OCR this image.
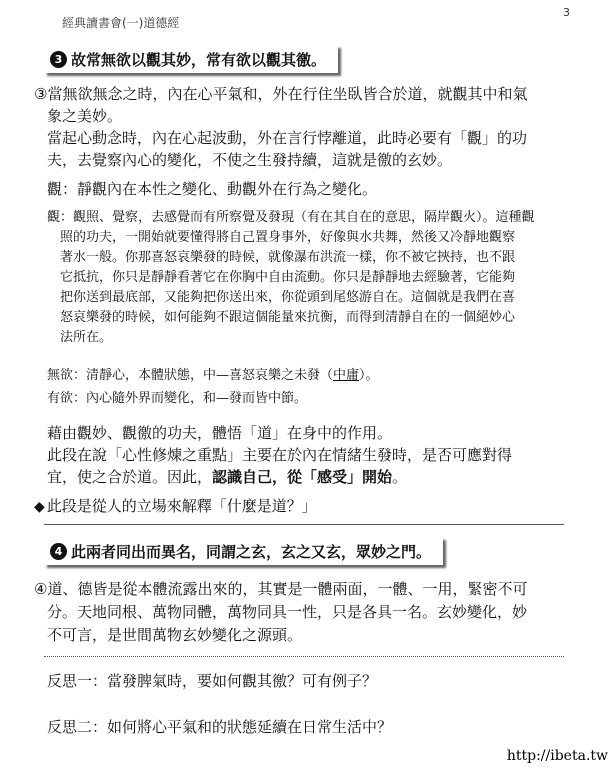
經典讀書會(一)道德經
3
3 故常無欲以觀其妙，常有欲以觀其徼。
③當無欲無念之時，內在心平氣和，外在行住坐臥皆合於道，就觀其中和氣
象之美妙。
當起心動念時，內在心起波動，外在言行悖離道，此時必要有「觀」的功
夫，去覺察內心的變化，不使之生發持續，這就是徼的玄妙。
觀：靜觀內在本性之變化、動觀外在行為之變化。
觀：觀照、覺察，去感覺而有所察覺及發現（有在其自在的意思，隔岸觀火）。這種觀
照的功夫，一開始就要懂得將自己置身事外，好像與水共舞，然後又冷靜地觀察
著水一般。你那喜怒哀樂發的時候，就像瀑布洪流一樣，你不被它挾持，也不跟
它抵抗，你只是靜靜看著它在你胸中自由流動。你只是靜靜地去經驗著，它能夠
把你送到最底部，又能夠把你送出來，你從頭到尾悠游自在。這個就是我們在喜
怒哀樂發的時候，如何能夠不跟這個能量來抗衡，而得到清靜自在的一個絕妙心
法所在。
無欲：清靜心，本體狀態，中—喜怒哀樂之未發（中庸）。
有欲：內心隨外界而變化，和—發而皆中節。
藉由觀妙、觀徼的功夫，體悟「道」在身中的作用。
此段在說「心性修煉之重點」主要在於內在情緒生發時，是否可應對得
宜，使之合於道。因此，認識自己，從「感受」開始。
◆ 此段是從人的立場來解釋「什麼是道？」
4 此兩者同出而異名，同謂之玄，玄之又玄，眾妙之門。
④道、德皆是從本體流露出來的，其實是一體兩面，一體、一用，緊密不可
分。天地同根、萬物同體，萬物同具一性，只是各具一名。玄妙變化，妙
不可言，是世間萬物玄妙變化之源頭。
反思一：當發脾氣時，要如何觀其徼？可有例子？
反思二：如何將心平氣和的狀態延續在日常生活中？
http://ibeta.tw
